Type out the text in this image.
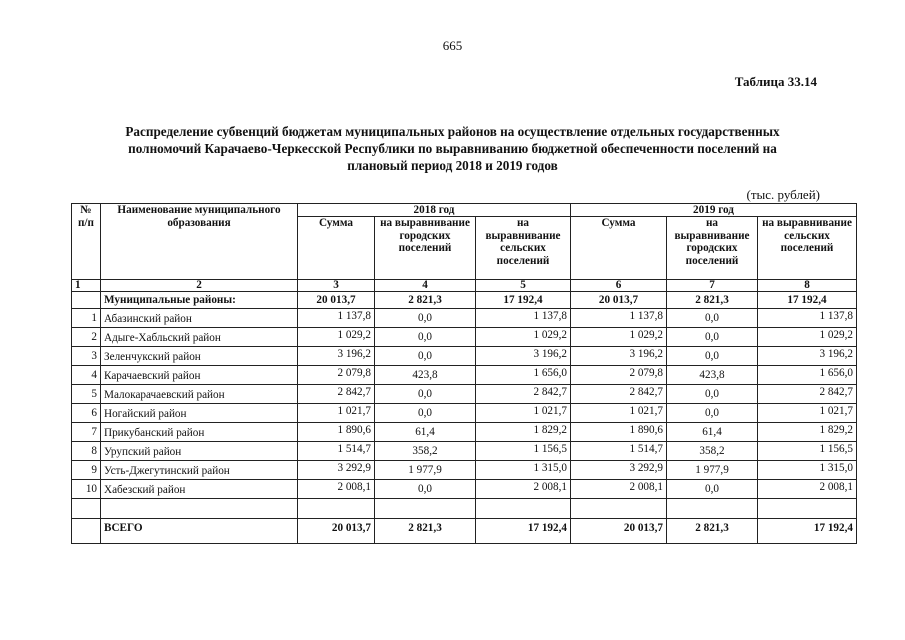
665
Таблица 33.14
Распределение субвенций бюджетам муниципальных районов на осуществление отдельных государственных
полномочий Карачаево-Черкесской Республики по выравниванию бюджетной обеспеченности поселений на
плановый период 2018 и 2019 годов
(тыс. рублей)
№ п/п	Наименование муниципального образования	2018 год			2019 год		
		Сумма	на выравнивание городских поселений	на выравнивание сельских поселений	Сумма	на выравнивание городских поселений	на выравнивание сельских поселений
1	2	3	4	5	6	7	8
	Муниципальные районы:	20 013,7	2 821,3	17 192,4	20 013,7	2 821,3	17 192,4
1	Абазинский район	1 137,8	0,0	1 137,8	1 137,8	0,0	1 137,8
2	Адыге-Хабльский район	1 029,2	0,0	1 029,2	1 029,2	0,0	1 029,2
3	Зеленчукский район	3 196,2	0,0	3 196,2	3 196,2	0,0	3 196,2
4	Карачаевский район	2 079,8	423,8	1 656,0	2 079,8	423,8	1 656,0
5	Малокарачаевский район	2 842,7	0,0	2 842,7	2 842,7	0,0	2 842,7
6	Ногайский район	1 021,7	0,0	1 021,7	1 021,7	0,0	1 021,7
7	Прикубанский район	1 890,6	61,4	1 829,2	1 890,6	61,4	1 829,2
8	Урупский район	1 514,7	358,2	1 156,5	1 514,7	358,2	1 156,5
9	Усть-Джегутинский район	3 292,9	1 977,9	1 315,0	3 292,9	1 977,9	1 315,0
10	Хабезский район	2 008,1	0,0	2 008,1	2 008,1	0,0	2 008,1

	ВСЕГО	20 013,7	2 821,3	17 192,4	20 013,7	2 821,3	17 192,4
